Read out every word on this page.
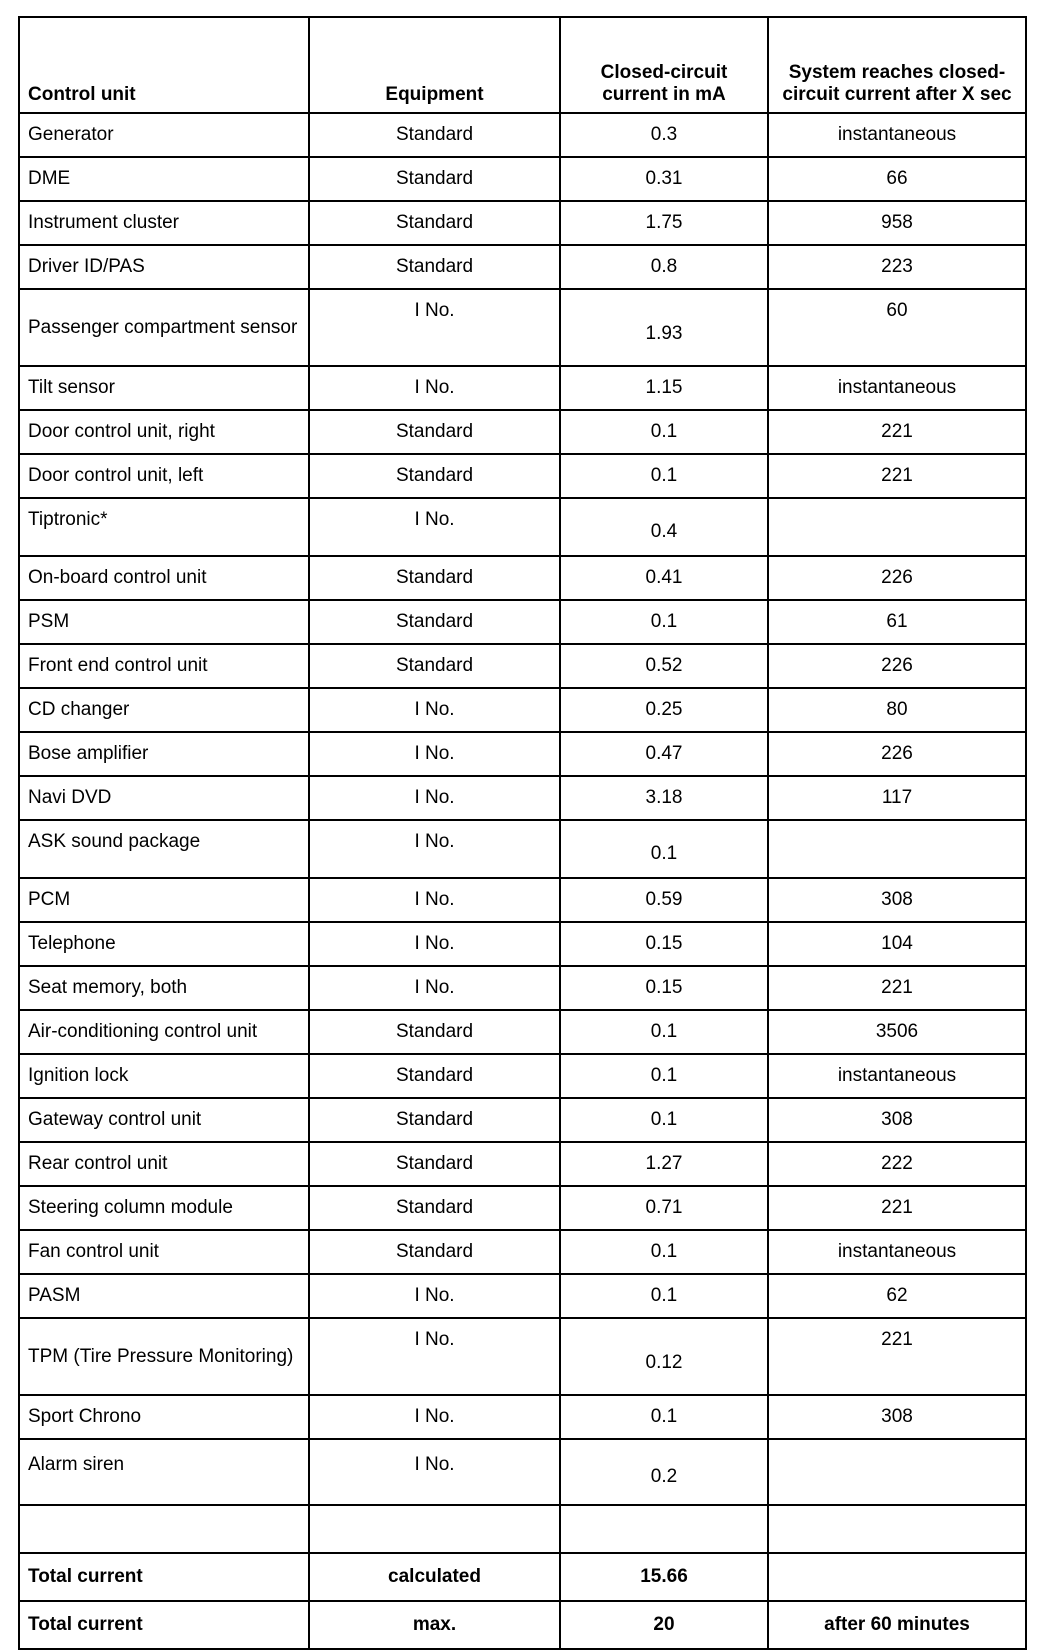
Control unit	Equipment	Closed-circuit current in mA	System reaches closed-circuit current after X sec
Generator	Standard	0.3	instantaneous
DME	Standard	0.31	66
Instrument cluster	Standard	1.75	958
Driver ID/PAS	Standard	0.8	223
Passenger compartment sensor	I No.	1.93	60
Tilt sensor	I No.	1.15	instantaneous
Door control unit, right	Standard	0.1	221
Door control unit, left	Standard	0.1	221
Tiptronic*	I No.	0.4	
On-board control unit	Standard	0.41	226
PSM	Standard	0.1	61
Front end control unit	Standard	0.52	226
CD changer	I No.	0.25	80
Bose amplifier	I No.	0.47	226
Navi DVD	I No.	3.18	117
ASK sound package	I No.	0.1	
PCM	I No.	0.59	308
Telephone	I No.	0.15	104
Seat memory, both	I No.	0.15	221
Air-conditioning control unit	Standard	0.1	3506
Ignition lock	Standard	0.1	instantaneous
Gateway control unit	Standard	0.1	308
Rear control unit	Standard	1.27	222
Steering column module	Standard	0.71	221
Fan control unit	Standard	0.1	instantaneous
PASM	I No.	0.1	62
TPM (Tire Pressure Monitoring)	I No.	0.12	221
Sport Chrono	I No.	0.1	308
Alarm siren	I No.	0.2	

Total current	calculated	15.66	
Total current	max.	20	after 60 minutes
